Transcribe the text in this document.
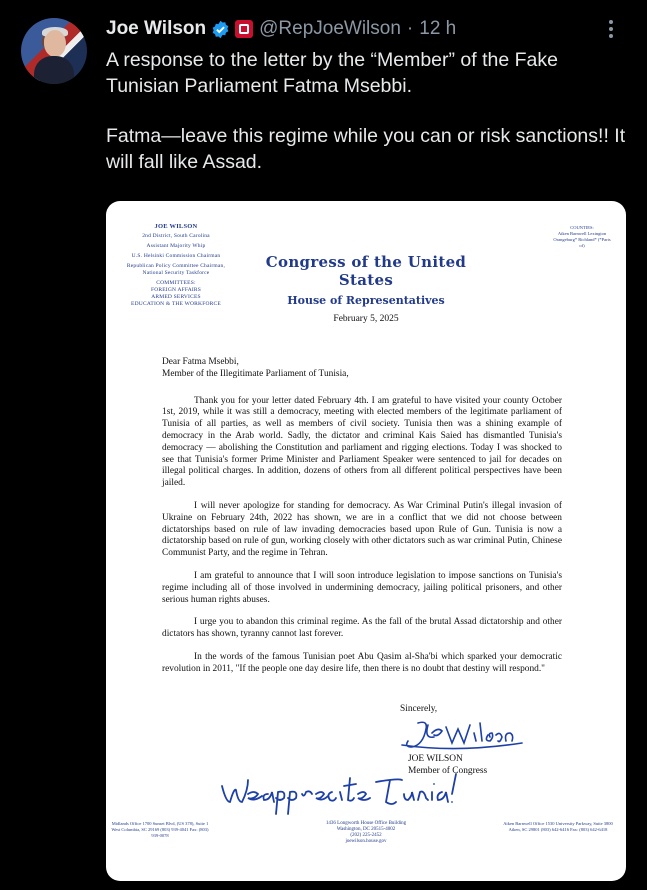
Joe Wilson	@RepJoeWilson · 12 h

A response to the letter by the “Member” of the Fake Tunisian Parliament Fatma Msebbi.

Fatma—leave this regime while you can or risk sanctions!! It will fall like Assad.

JOE WILSON
2nd District, South Carolina
Assistant Majority Whip
U.S. Helsinki Commission Chairman
Republican Policy Committee Chairman, National Security Taskforce
COMMITTEES:
FOREIGN AFFAIRS
ARMED SERVICES
EDUCATION & THE WORKFORCE
COUNTIES:
Aiken Barnwell Lexington Orangeburg* Richland* (*Parts of)
Congress of the United States
House of Representatives
February 5, 2025

Dear Fatma Msebbi,
Member of the Illegitimate Parliament of Tunisia,

Thank you for your letter dated February 4th. I am grateful to have visited your county October 1st, 2019, while it was still a democracy, meeting with elected members of the legitimate parliament of Tunisia of all parties, as well as members of civil society. Tunisia then was a shining example of democracy in the Arab world. Sadly, the dictator and criminal Kais Saied has dismantled Tunisia's democracy — abolishing the Constitution and parliament and rigging elections. Today I was shocked to see that Tunisia's former Prime Minister and Parliament Speaker were sentenced to jail for decades on illegal political charges. In addition, dozens of others from all different political perspectives have been jailed.

I will never apologize for standing for democracy. As War Criminal Putin's illegal invasion of Ukraine on February 24th, 2022 has shown, we are in a conflict that we did not choose between dictatorships based on rule of law invading democracies based upon Rule of Gun. Tunisia is now a dictatorship based on rule of gun, working closely with other dictators such as war criminal Putin, Chinese Communist Party, and the regime in Tehran.

I am grateful to announce that I will soon introduce legislation to impose sanctions on Tunisia's regime including all of those involved in undermining democracy, jailing political prisoners, and other serious human rights abuses.

I urge you to abandon this criminal regime. As the fall of the brutal Assad dictatorship and other dictators has shown, tyranny cannot last forever.

In the words of the famous Tunisian poet Abu Qasim al-Sha'bi which sparked your democratic revolution in 2011, "If the people one day desire life, then there is no doubt that destiny will respond."

Sincerely,
JOE WILSON
Member of Congress
Midlands Office 1700 Sunset Blvd, (US 378), Suite 1 West Columbia, SC 29169 (803) 939-4041 Fax: (803) 939-0078
1436 Longworth House Office Building
Washington, DC 20515-4002
(202) 225-2452
joewilson.house.gov
Aiken Barnwell Office 1530 University Parkway, Suite 3800 Aiken, SC 29801 (803) 642-6416 Fax: (803) 642-6418
